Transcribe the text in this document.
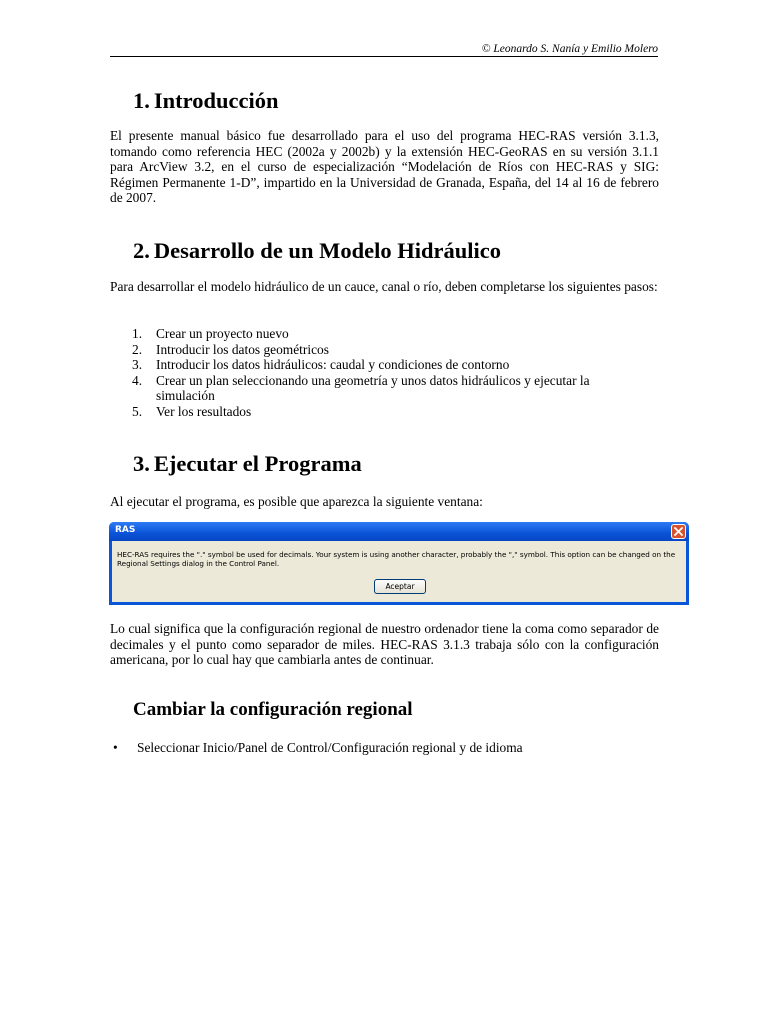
© Leonardo S. Nanía y Emilio Molero
1. Introducción

El presente manual básico fue desarrollado para el uso del programa HEC-RAS versión 3.1.3, tomando como referencia HEC (2002a y 2002b) y la extensión HEC-GeoRAS en su versión 3.1.1 para ArcView 3.2, en el curso de especialización “Modelación de Ríos con HEC-RAS y SIG: Régimen Permanente 1-D”, impartido en la Universidad de Granada, España, del 14 al 16 de febrero de 2007.

2. Desarrollo de un Modelo Hidráulico

Para desarrollar el modelo hidráulico de un cauce, canal o río, deben completarse los siguientes pasos:

1. Crear un proyecto nuevo
2. Introducir los datos geométricos
3. Introducir los datos hidráulicos: caudal y condiciones de contorno
4. Crear un plan seleccionando una geometría y unos datos hidráulicos y ejecutar la simulación
5. Ver los resultados
3. Ejecutar el Programa

Al ejecutar el programa, es posible que aparezca la siguiente ventana:

RAS
HEC-RAS requires the "." symbol be used for decimals. Your system is using another character, probably the "," symbol. This option can be changed on the Regional Settings dialog in the Control Panel.
Aceptar

Lo cual significa que la configuración regional de nuestro ordenador tiene la coma como separador de decimales y el punto como separador de miles. HEC-RAS 3.1.3 trabaja sólo con la configuración americana, por lo cual hay que cambiarla antes de continuar.

Cambiar la configuración regional
• Seleccionar Inicio/Panel de Control/Configuración regional y de idioma
